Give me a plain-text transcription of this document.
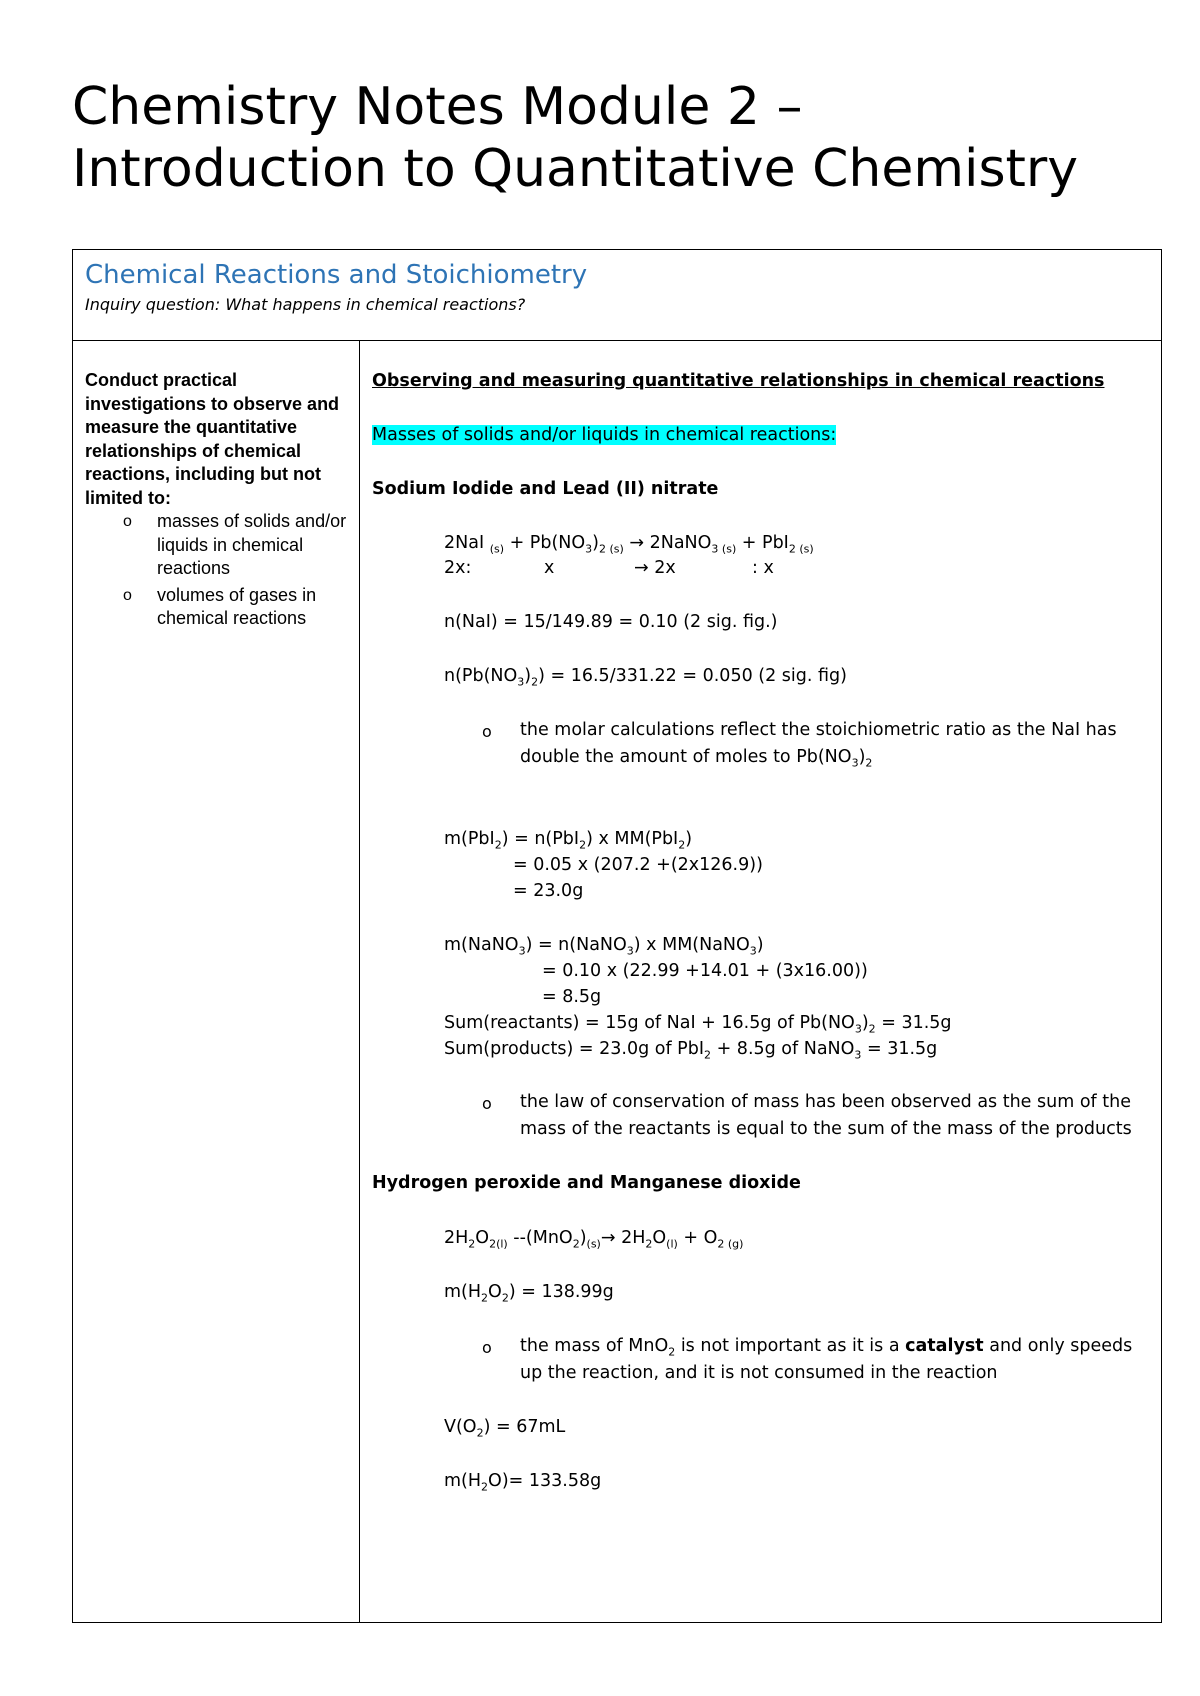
Chemistry Notes Module 2 –
Introduction to Quantitative Chemistry
Chemical Reactions and Stoichiometry
Inquiry question: What happens in chemical reactions?
Conduct practical investigations to observe and measure the quantitative relationships of chemical reactions, including but not limited to:
o masses of solids and/or liquids in chemical reactions
o volumes of gases in chemical reactions
Observing and measuring quantitative relationships in chemical reactions
Masses of solids and/or liquids in chemical reactions:
Sodium Iodide and Lead (II) nitrate
2NaI $_{(s)} + Pb(NO_3)_{2 (s)}$ → 2NaNO$_{3 (s)}$ + PbI$_{2 (s)}$
2x:	x	→ 2x	: x
n(NaI) = 15/149.89 = 0.10 (2 sig. fig.)
$n(Pb(NO_3)_2) = 16.5/331.22 = 0.050$ (2 sig. fig)
o the molar calculations reflect the stoichiometric ratio as the NaI has
double the amount of moles to $Pb(NO_3)_2$
m(PbI$_2$) = n(PbI$_2$) x MM(PbI$_2$)
= 0.05 x (207.2 +(2x126.9))
= 23.0g
m(NaNO$_3$) = n(NaNO$_3$) x MM(NaNO$_3$)
= 0.10 x (22.99 +14.01 + (3x16.00))
= 8.5g
Sum(reactants) = 15g of NaI + 16.5g of $Pb(NO_3)_2 = 31.5g$
Sum(products) = 23.0g of PbI$_2$ + 8.5g of NaNO$_3$ = 31.5g
o the law of conservation of mass has been observed as the sum of the
mass of the reactants is equal to the sum of the mass of the products
Hydrogen peroxide and Manganese dioxide
$2H_2O_{2(l)}$ $--(MnO_2)_{(s)}\to 2H_2O_{(l)} + O_{2 (g)}$
$m(H_2O_2) = 138.99g$
o the mass of MnO$_2$ is not important as it is a catalyst and only speeds
up the reaction, and it is not consumed in the reaction
$V(O_2) = 67mL$
$m(H_2O)= 133.58g$
